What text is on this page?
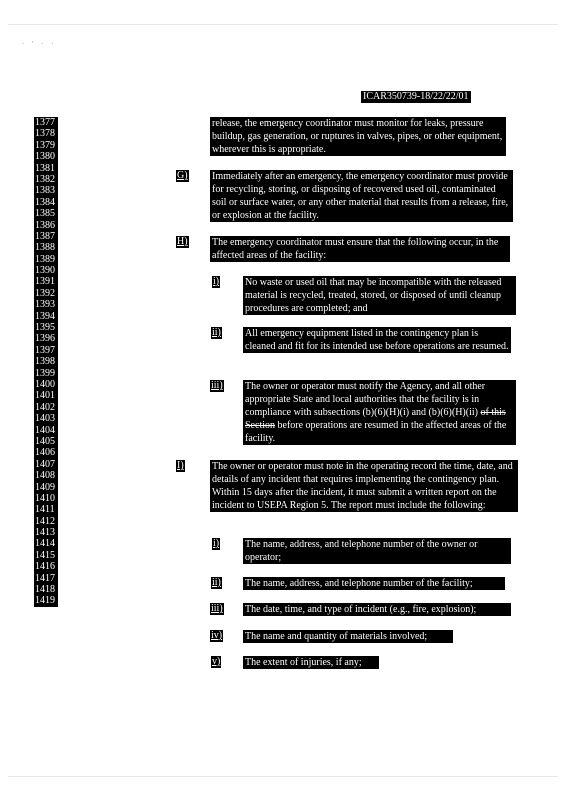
· ' · ·
ICAR350739-18/22/22/01
1377
1378
1379
1380
1381
1382
1383
1384
1385
1386
1387
1388
1389
1390
1391
1392
1393
1394
1395
1396
1397
1398
1399
1400
1401
1402
1403
1404
1405
1406
1407
1408
1409
1410
1411
1412
1413
1414
1415
1416
1417
1418
1419

release, the emergency coordinator must monitor for leaks, pressure buildup, gas generation, or ruptures in valves, pipes, or other equipment, wherever this is appropriate.

G) Immediately after an emergency, the emergency coordinator must provide for recycling, storing, or disposing of recovered used oil, contaminated soil or surface water, or any other material that results from a release, fire, or explosion at the facility.

H) The emergency coordinator must ensure that the following occur, in the affected areas of the facility:

i)	No waste or used oil that may be incompatible with the released material is recycled, treated, stored, or disposed of until cleanup procedures are completed; and

ii) All emergency equipment listed in the contingency plan is cleaned and fit for its intended use before operations are resumed.

iii) The owner or operator must notify the Agency, and all other appropriate State and local authorities that the facility is in compliance with subsections (b)(6)(H)(i) and (b)(6)(H)(ii) of this Section before operations are resumed in the affected areas of the facility.

I)	The owner or operator must note in the operating record the time, date, and details of any incident that requires implementing the contingency plan. Within 15 days after the incident, it must submit a written report on the incident to USEPA Region 5. The report must include the following:

i)	The name, address, and telephone number of the owner or operator;

ii) The name, address, and telephone number of the facility;

iii) The date, time, and type of incident (e.g., fire, explosion);

iv) The name and quantity of materials involved;

v) The extent of injuries, if any;
